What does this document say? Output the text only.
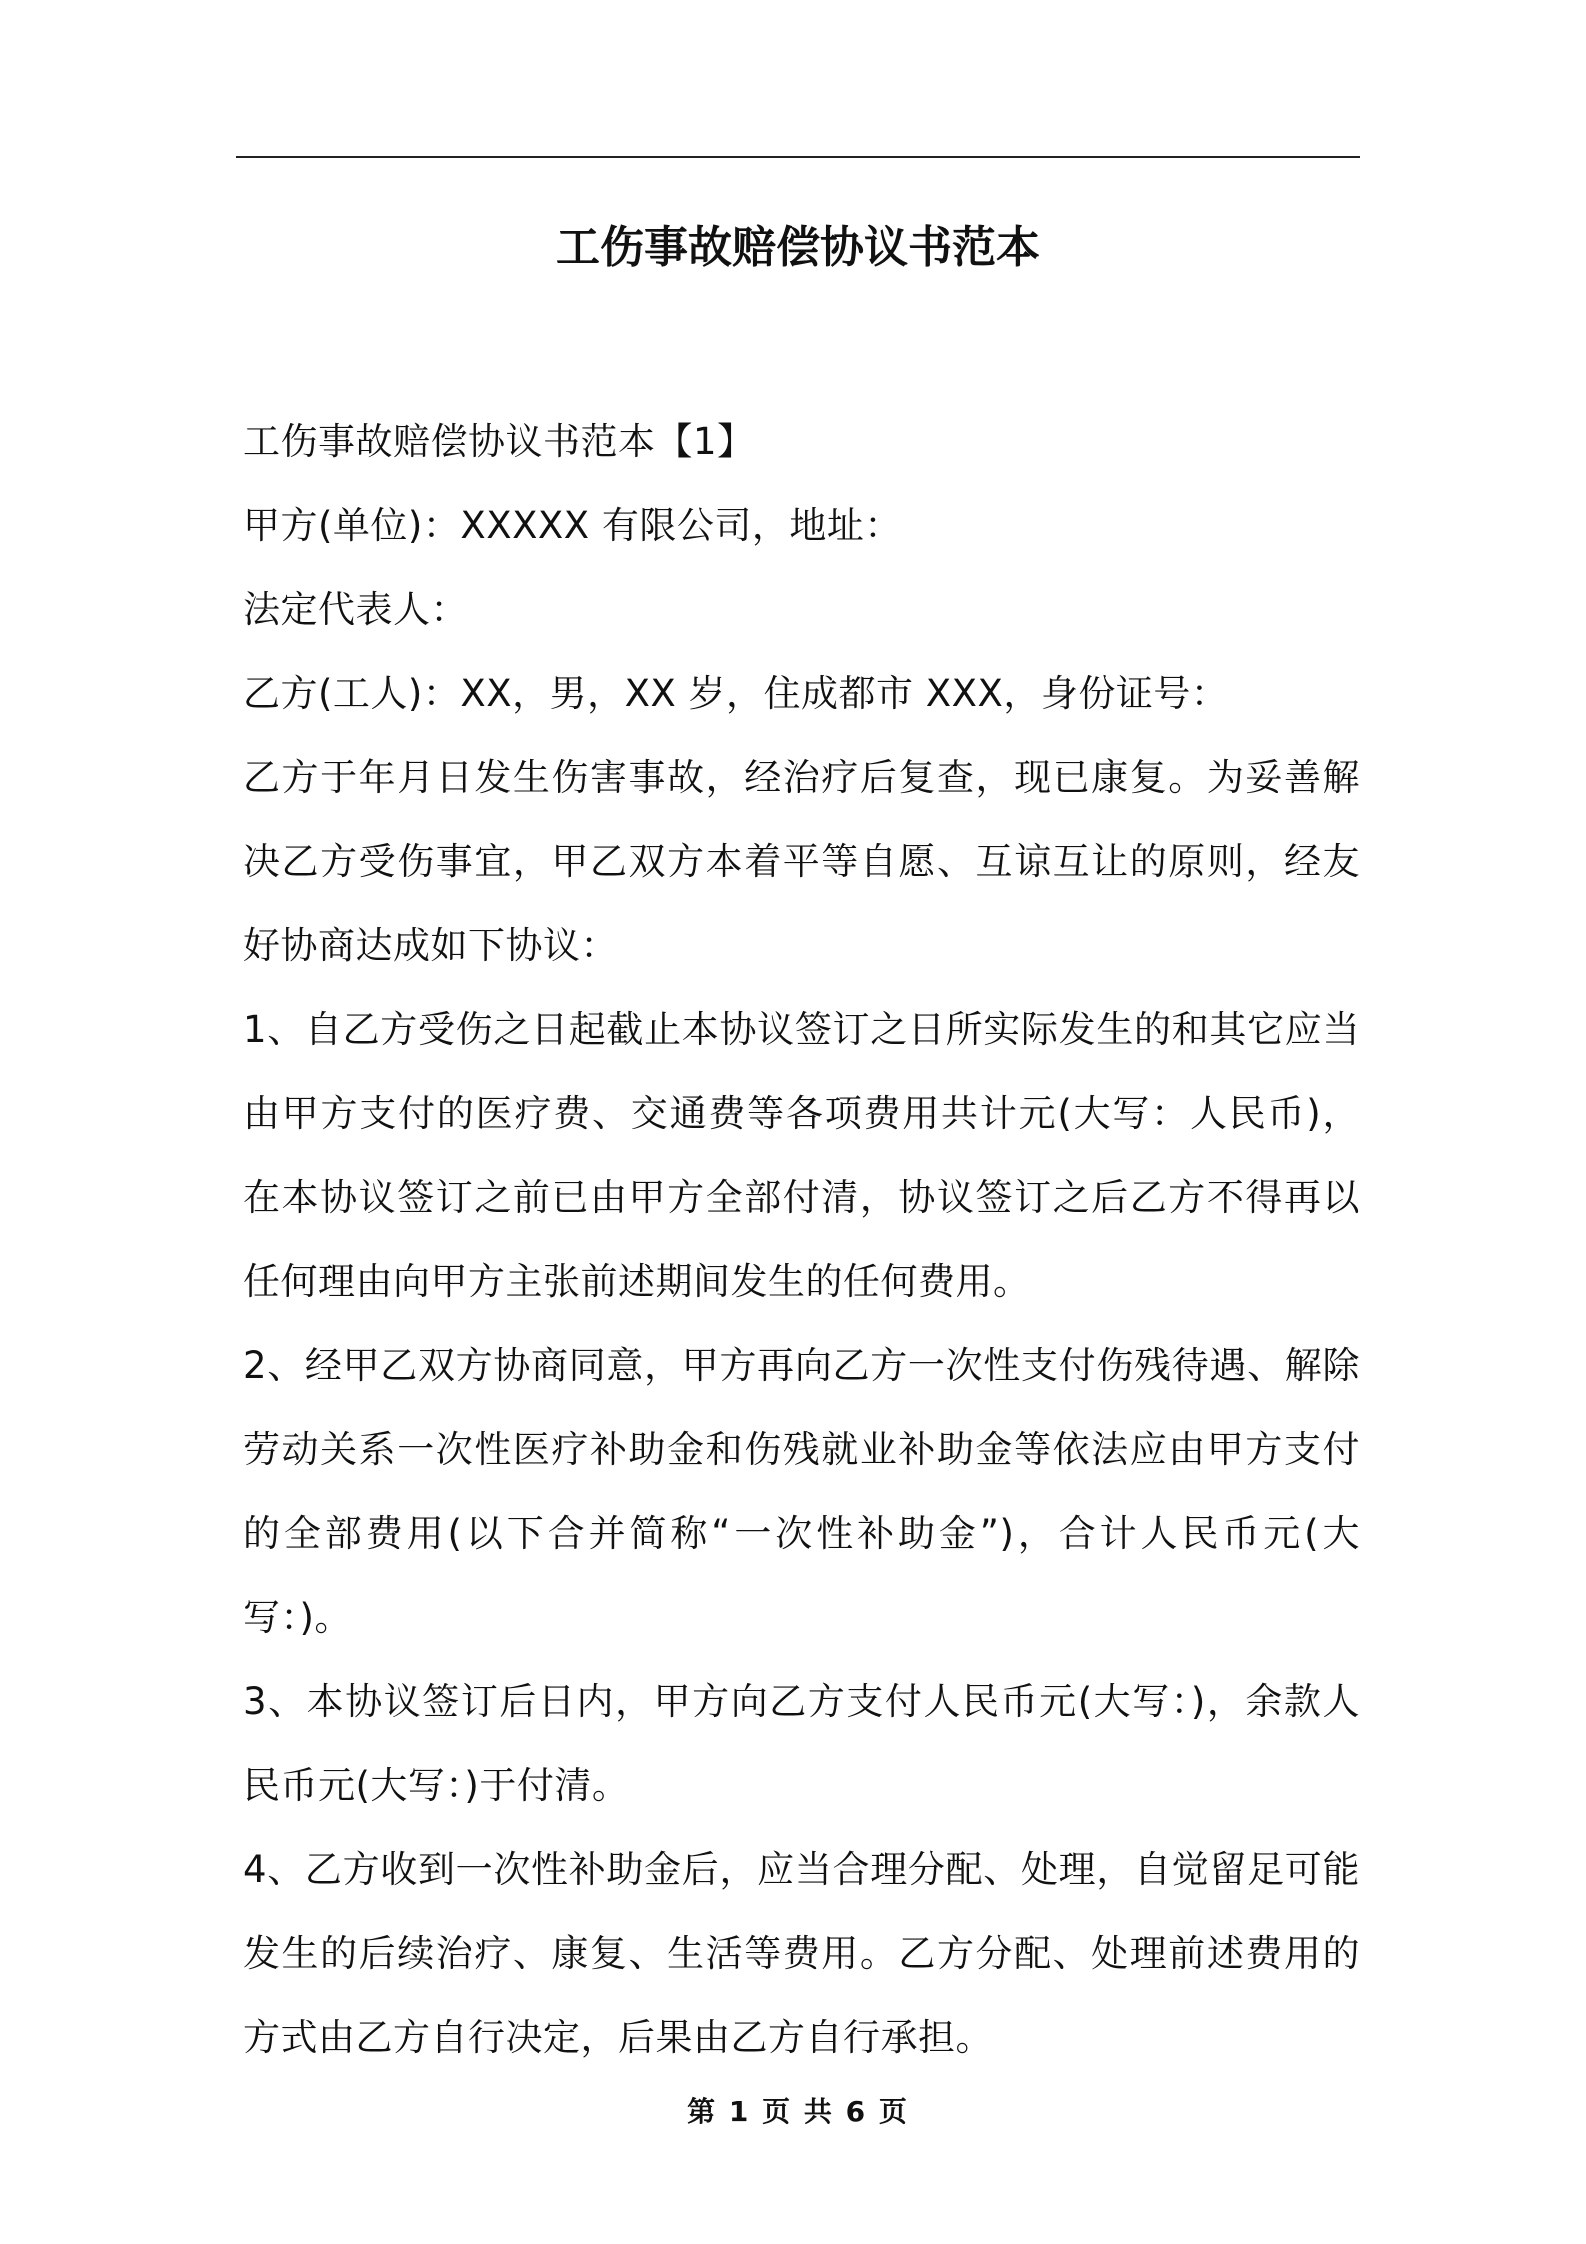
工伤事故赔偿协议书范本

工伤事故赔偿协议书范本【1】

甲方(单位)：XXXXX 有限公司，地址：

法定代表人：

乙方(工人)：XX，男，XX 岁，住成都市 XXX，身份证号：

乙方于年月日发生伤害事故，经治疗后复查，现已康复。为妥善解决乙方受伤事宜，甲乙双方本着平等自愿、互谅互让的原则，经友好协商达成如下协议：

1、自乙方受伤之日起截止本协议签订之日所实际发生的和其它应当由甲方支付的医疗费、交通费等各项费用共计元(大写：人民币)，在本协议签订之前已由甲方全部付清，协议签订之后乙方不得再以任何理由向甲方主张前述期间发生的任何费用。

2、经甲乙双方协商同意，甲方再向乙方一次性支付伤残待遇、解除劳动关系一次性医疗补助金和伤残就业补助金等依法应由甲方支付的全部费用(以下合并简称“一次性补助金”)，合计人民币元(大写：)。

3、本协议签订后日内，甲方向乙方支付人民币元(大写：)，余款人民币元(大写：)于付清。

4、乙方收到一次性补助金后，应当合理分配、处理，自觉留足可能发生的后续治疗、康复、生活等费用。乙方分配、处理前述费用的方式由乙方自行决定，后果由乙方自行承担。

第 1 页 共 6 页
